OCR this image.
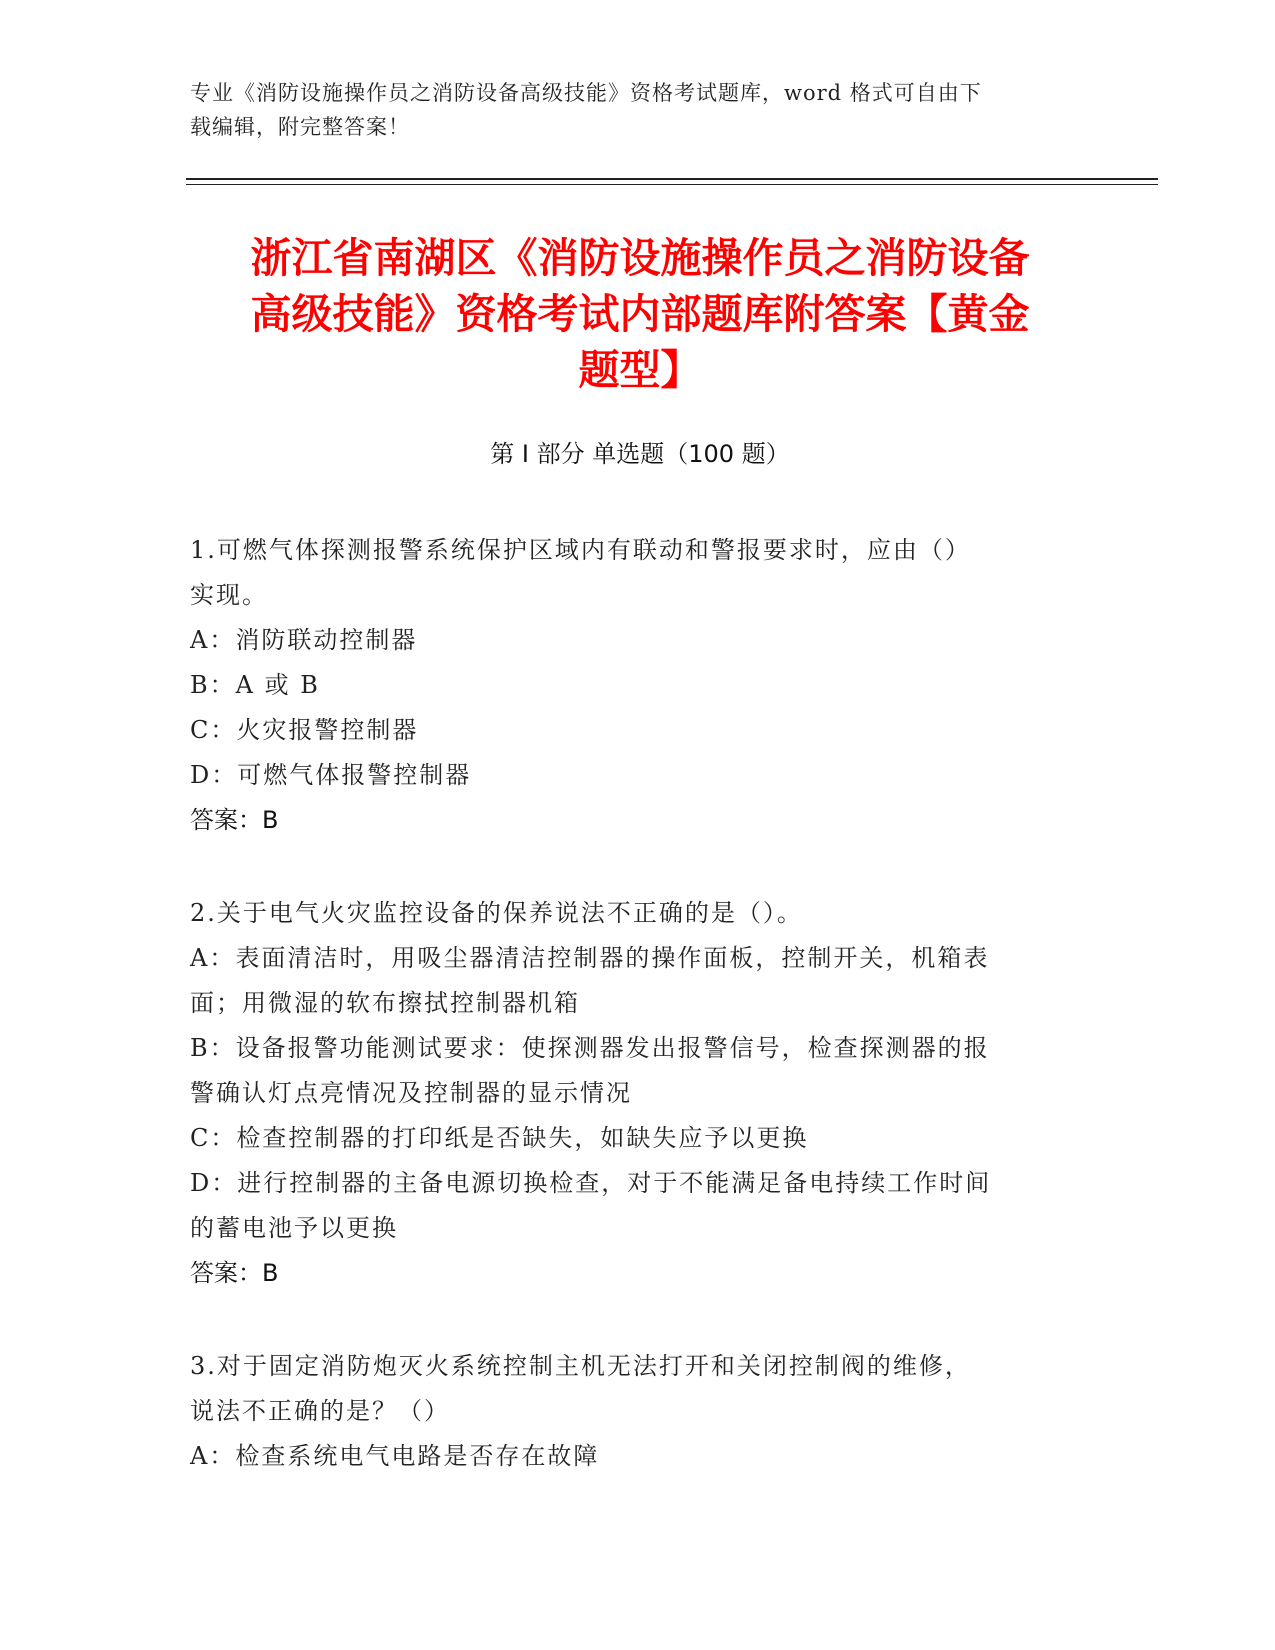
专业《消防设施操作员之消防设备高级技能》资格考试题库，word 格式可自由下
载编辑，附完整答案！
浙江省南湖区《消防设施操作员之消防设备
高级技能》资格考试内部题库附答案【黄金
题型】
第 I 部分 单选题（100 题）
1.可燃气体探测报警系统保护区域内有联动和警报要求时，应由（）
实现。
A：消防联动控制器
B：A 或 B
C：火灾报警控制器
D：可燃气体报警控制器
答案：B
2.关于电气火灾监控设备的保养说法不正确的是（）。
A：表面清洁时，用吸尘器清洁控制器的操作面板，控制开关，机箱表
面；用微湿的软布擦拭控制器机箱
B：设备报警功能测试要求：使探测器发出报警信号，检查探测器的报
警确认灯点亮情况及控制器的显示情况
C：检查控制器的打印纸是否缺失，如缺失应予以更换
D：进行控制器的主备电源切换检查，对于不能满足备电持续工作时间
的蓄电池予以更换
答案：B
3.对于固定消防炮灭火系统控制主机无法打开和关闭控制阀的维修，
说法不正确的是？（）
A：检查系统电气电路是否存在故障
